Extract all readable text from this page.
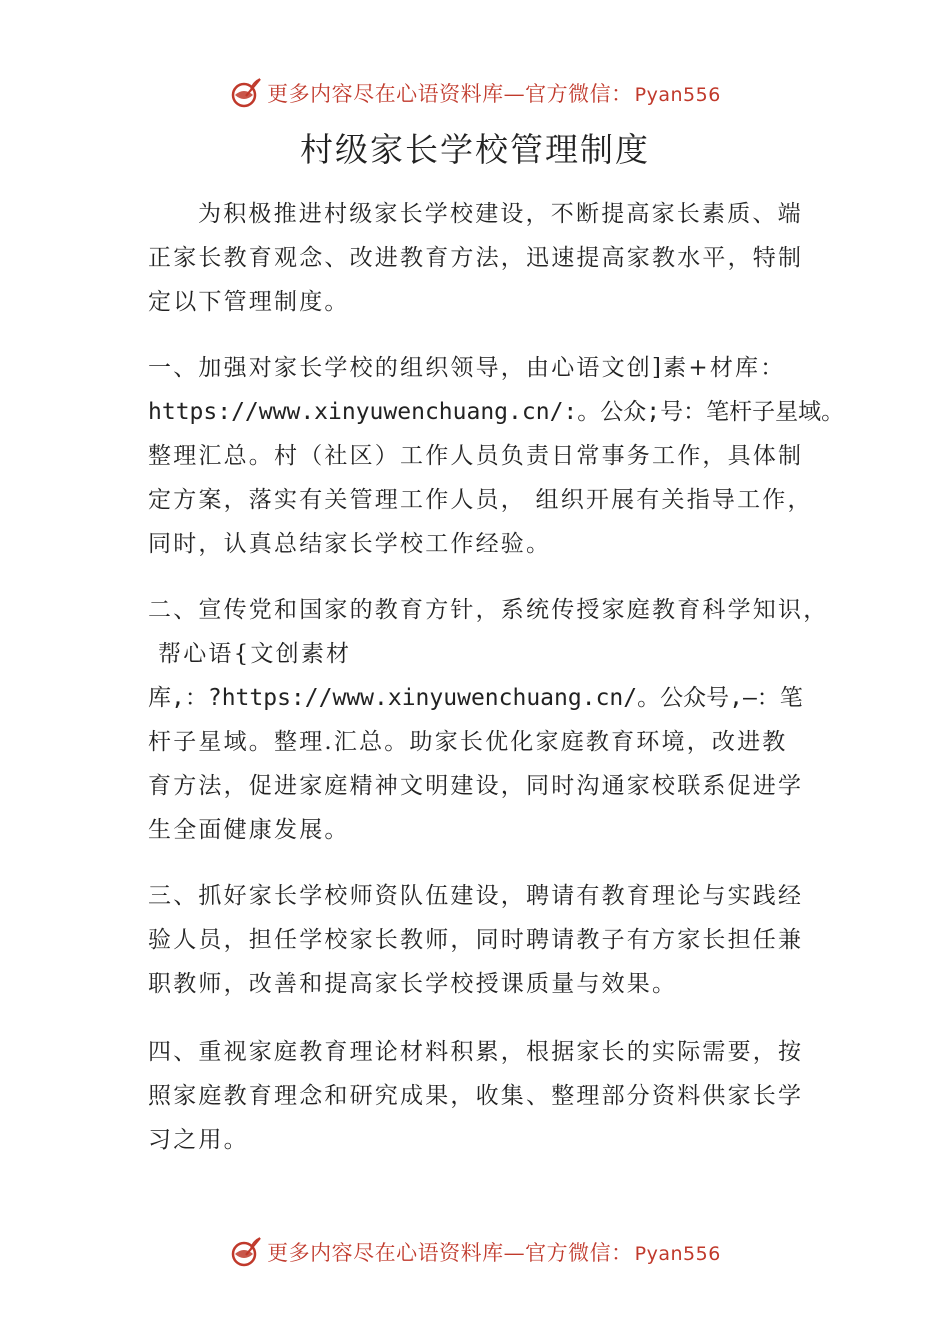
更多内容尽在心语资料库—官方微信： Pyan556
村级家长学校管理制度
为积极推进村级家长学校建设，不断提高家长素质、端
正家长教育观念、改进教育方法，迅速提高家教水平，特制
定以下管理制度。
一、加强对家长学校的组织领导，由心语文创]素+材库：
https://www.xinyuwenchuang.cn/:。公众;号：笔杆子星域。
整理汇总。村（社区）工作人员负责日常事务工作，具体制
定方案，落实有关管理工作人员， 组织开展有关指导工作，
同时，认真总结家长学校工作经验。
二、宣传党和国家的教育方针，系统传授家庭教育科学知识，
帮心语{文创素材
库,：?https://www.xinyuwenchuang.cn/。公众号,—：笔
杆子星域。整理.汇总。助家长优化家庭教育环境，改进教
育方法，促进家庭精神文明建设，同时沟通家校联系促进学
生全面健康发展。
三、抓好家长学校师资队伍建设，聘请有教育理论与实践经
验人员，担任学校家长教师，同时聘请教子有方家长担任兼
职教师，改善和提高家长学校授课质量与效果。
四、重视家庭教育理论材料积累，根据家长的实际需要，按
照家庭教育理念和研究成果，收集、整理部分资料供家长学
习之用。
更多内容尽在心语资料库—官方微信： Pyan556
